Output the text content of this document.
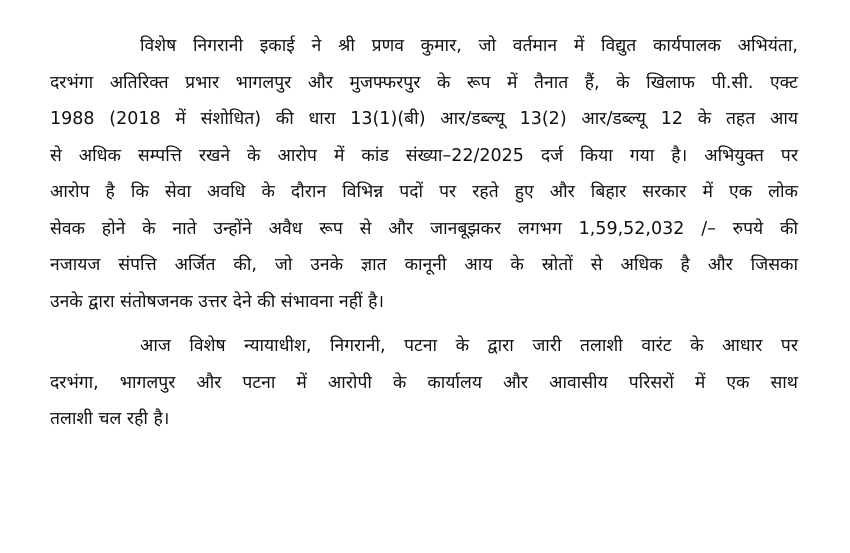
विशेष निगरानी इकाई ने श्री प्रणव कुमार, जो वर्तमान में विद्युत कार्यपालक अभियंता,
दरभंगा अतिरिक्त प्रभार भागलपुर और मुजफ्फरपुर के रूप में तैनात हैं, के खिलाफ पी.सी. एक्ट
1988 (2018 में संशोधित) की धारा 13(1)(बी) आर/डब्ल्यू 13(2) आर/डब्ल्यू 12 के तहत आय
से अधिक सम्पत्ति रखने के आरोप में कांड संख्या–22/2025 दर्ज किया गया है। अभियुक्त पर
आरोप है कि सेवा अवधि के दौरान विभिन्न पदों पर रहते हुए और बिहार सरकार में एक लोक
सेवक होने के नाते उन्होंने अवैध रूप से और जानबूझकर लगभग 1,59,52,032 /– रुपये की
नजायज संपत्ति अर्जित की, जो उनके ज्ञात कानूनी आय के स्रोतों से अधिक है और जिसका
उनके द्वारा संतोषजनक उत्तर देने की संभावना नहीं है।
आज विशेष न्यायाधीश, निगरानी, पटना के द्वारा जारी तलाशी वारंट के आधार पर
दरभंगा, भागलपुर और पटना में आरोपी के कार्यालय और आवासीय परिसरों में एक साथ
तलाशी चल रही है।
